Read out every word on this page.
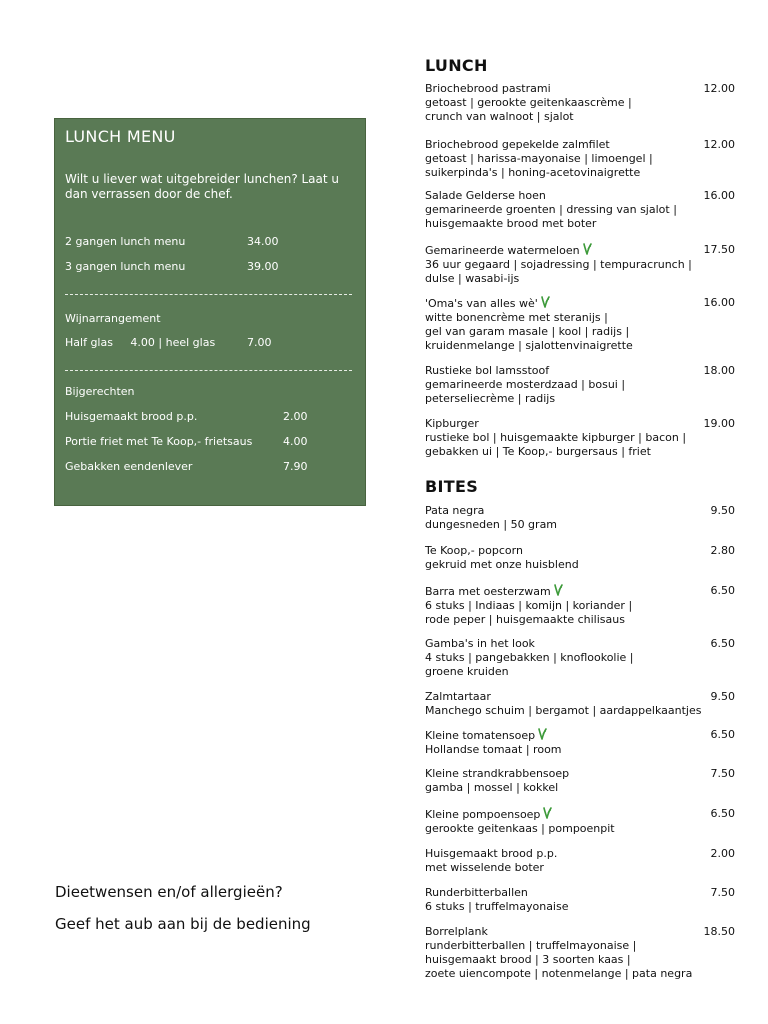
LUNCH MENU
Wilt u liever wat uitgebreider lunchen? Laat u dan verrassen door de chef.
2 gangen lunch menu	34.00
3 gangen lunch menu	39.00
Wijnarrangement
Half glas     4.00 | heel glas	7.00
Bijgerechten
Huisgemaakt brood p.p.	2.00
Portie friet met Te Koop,- frietsaus	4.00
Gebakken eendenlever	7.90
Dieetwensen en/of allergieën?
Geef het aub aan bij de bediening
LUNCH
Briochebrood pastrami	12.00
getoast | gerookte geitenkaascrème |
crunch van walnoot | sjalot
Briochebrood gepekelde zalmfilet	12.00
getoast | harissa-mayonaise | limoengel |
suikerpinda's | honing-acetovinaigrette
Salade Gelderse hoen	16.00
gemarineerde groenten | dressing van sjalot |
huisgemaakte brood met boter
Gemarineerde watermeloen	17.50
36 uur gegaard | sojadressing | tempuracrunch |
dulse | wasabi-ijs
'Oma's van alles wè'	16.00
witte bonencrème met steranijs |
gel van garam masale | kool | radijs |
kruidenmelange | sjalottenvinaigrette
Rustieke bol lamsstoof	18.00
gemarineerde mosterdzaad | bosui |
peterseliecrème | radijs
Kipburger	19.00
rustieke bol | huisgemaakte kipburger | bacon |
gebakken ui | Te Koop,- burgersaus | friet
BITES
Pata negra	9.50
dungesneden | 50 gram
Te Koop,- popcorn	2.80
gekruid met onze huisblend
Barra met oesterzwam	6.50
6 stuks | Indiaas | komijn | koriander |
rode peper | huisgemaakte chilisaus
Gamba's in het look	6.50
4 stuks | pangebakken | knoflookolie |
groene kruiden
Zalmtartaar	9.50
Manchego schuim | bergamot | aardappelkaantjes
Kleine tomatensoep	6.50
Hollandse tomaat | room
Kleine strandkrabbensoep	7.50
gamba | mossel | kokkel
Kleine pompoensoep	6.50
gerookte geitenkaas | pompoenpit
Huisgemaakt brood p.p.	2.00
met wisselende boter
Runderbitterballen	7.50
6 stuks | truffelmayonaise
Borrelplank	18.50
runderbitterballen | truffelmayonaise |
huisgemaakt brood | 3 soorten kaas |
zoete uiencompote | notenmelange | pata negra
